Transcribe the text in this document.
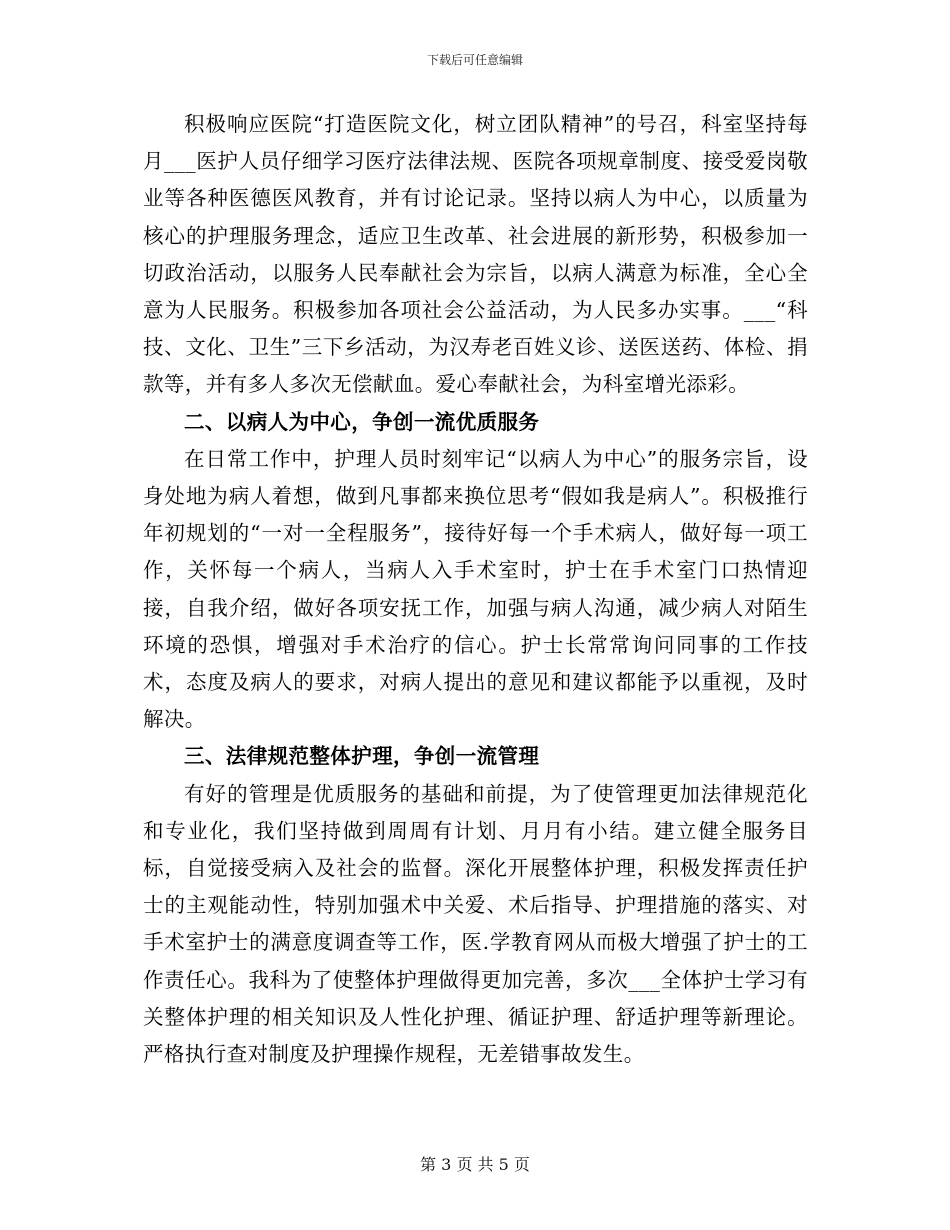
下载后可任意编辑

积极响应医院“打造医院文化，树立团队精神”的号召，科室坚持每月___医护人员仔细学习医疗法律法规、医院各项规章制度、接受爱岗敬业等各种医德医风教育，并有讨论记录。坚持以病人为中心，以质量为核心的护理服务理念，适应卫生改革、社会进展的新形势，积极参加一切政治活动，以服务人民奉献社会为宗旨，以病人满意为标准，全心全意为人民服务。积极参加各项社会公益活动，为人民多办实事。___“科技、文化、卫生”三下乡活动，为汉寿老百姓义诊、送医送药、体检、捐款等，并有多人多次无偿献血。爱心奉献社会，为科室增光添彩。

二、以病人为中心，争创一流优质服务

在日常工作中，护理人员时刻牢记“以病人为中心”的服务宗旨，设身处地为病人着想，做到凡事都来换位思考“假如我是病人”。积极推行年初规划的“一对一全程服务”，接待好每一个手术病人，做好每一项工作，关怀每一个病人，当病人入手术室时，护士在手术室门口热情迎接，自我介绍，做好各项安抚工作，加强与病人沟通，减少病人对陌生环境的恐惧，增强对手术治疗的信心。护士长常常询问同事的工作技术，态度及病人的要求，对病人提出的意见和建议都能予以重视，及时解决。

三、法律规范整体护理，争创一流管理

有好的管理是优质服务的基础和前提，为了使管理更加法律规范化和专业化，我们坚持做到周周有计划、月月有小结。建立健全服务目标，自觉接受病入及社会的监督。深化开展整体护理，积极发挥责任护士的主观能动性，特别加强术中关爱、术后指导、护理措施的落实、对手术室护士的满意度调查等工作，医.学教育网从而极大增强了护士的工作责任心。我科为了使整体护理做得更加完善，多次___全体护士学习有关整体护理的相关知识及人性化护理、循证护理、舒适护理等新理论。严格执行查对制度及护理操作规程，无差错事故发生。

第 3 页 共 5 页
